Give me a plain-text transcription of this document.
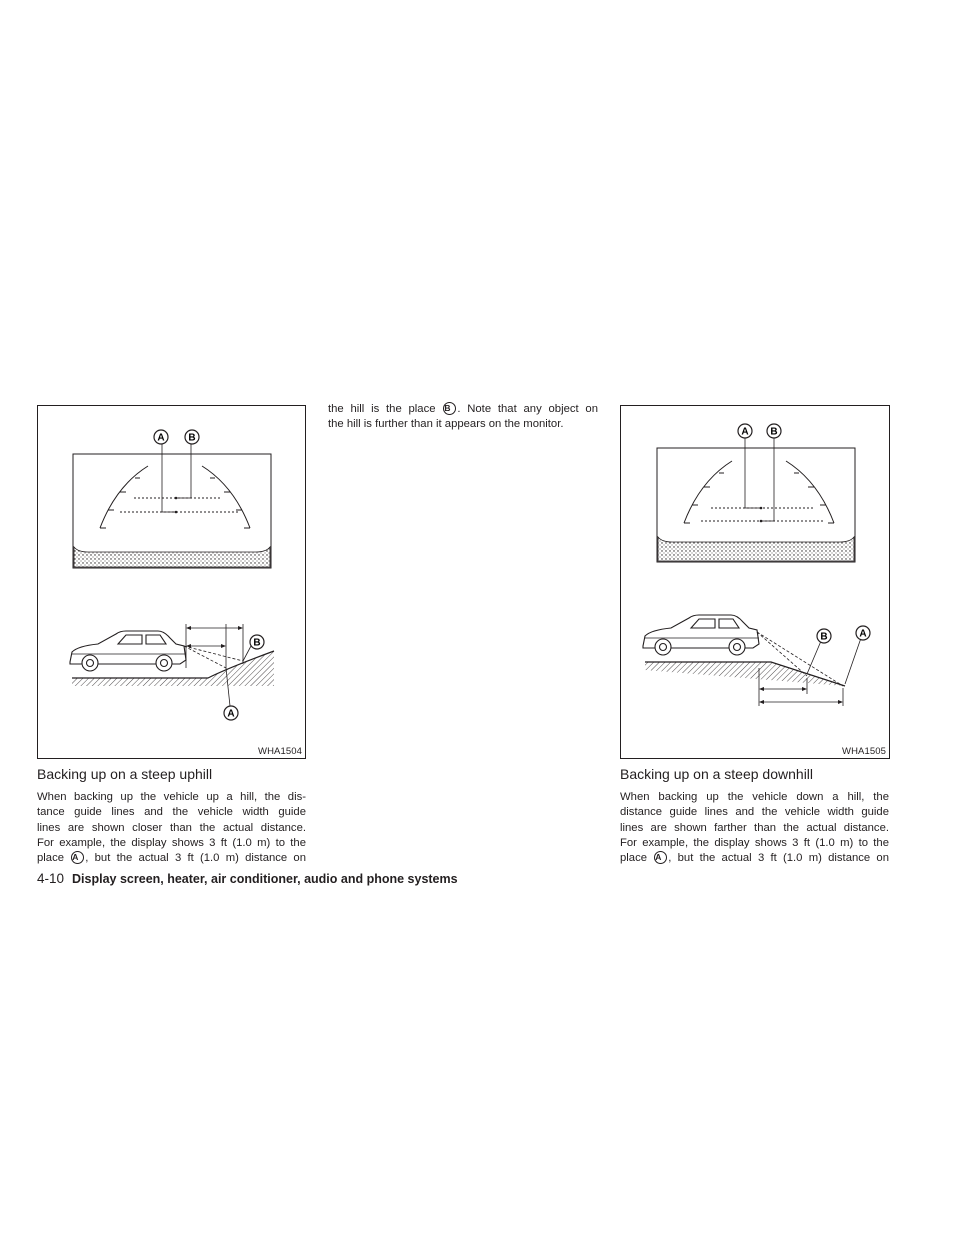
A B
B
A
WHA1504
A B
B	A
WHA1505

the hill is the place B . Note that any object on

the hill is further than it appears on the monitor.

Backing up on a steep uphill

When backing up the vehicle up a hill, the dis-

tance guide lines and the vehicle width guide

lines are shown closer than the actual distance.

For example, the display shows 3 ft (1.0 m) to the

place A , but the actual 3 ft (1.0 m) distance on

Backing up on a steep downhill

When backing up the vehicle down a hill, the

distance guide lines and the vehicle width guide

lines are shown farther than the actual distance.

For example, the display shows 3 ft (1.0 m) to the

place A , but the actual 3 ft (1.0 m) distance on

4-10 Display screen, heater, air conditioner, audio and phone systems
